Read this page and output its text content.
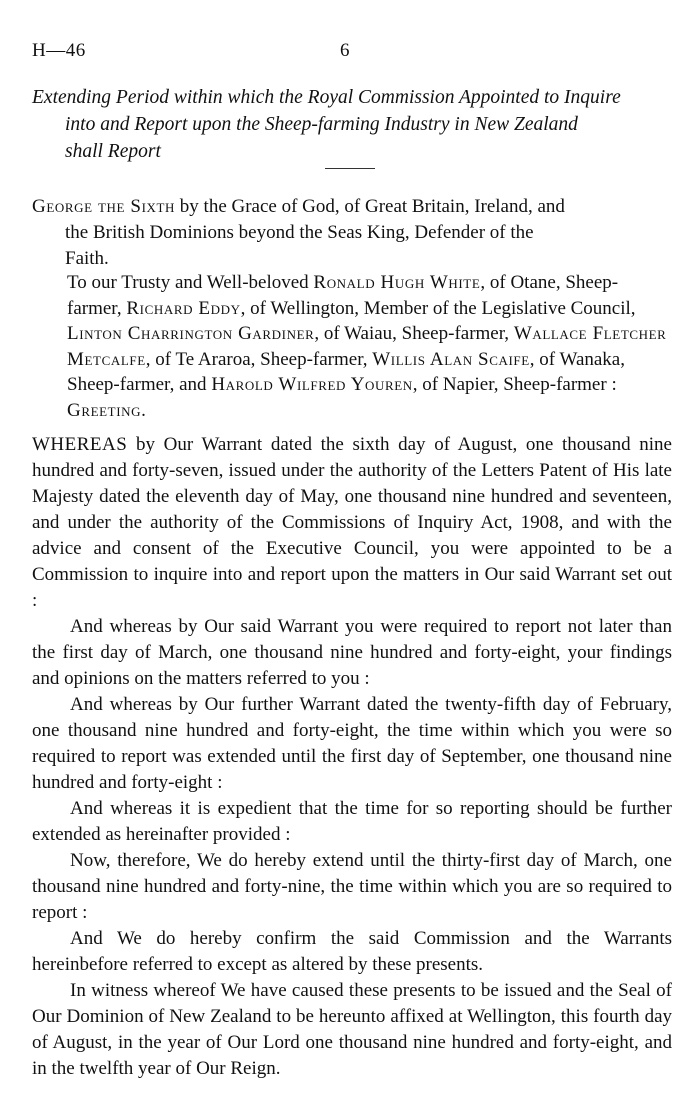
H—46	6
Extending Period within which the Royal Commission Appointed to Inquire
into and Report upon the Sheep-farming Industry in New Zealand
shall Report
George the Sixth by the Grace of God, of Great Britain, Ireland, and
the British Dominions beyond the Seas King, Defender of the
Faith.
To our Trusty and Well-beloved Ronald Hugh White, of Otane, Sheep-farmer, Richard Eddy, of Wellington, Member of the Legislative Council, Linton Charrington Gardiner, of Waiau, Sheep-farmer, Wallace Fletcher Metcalfe, of Te Araroa, Sheep-farmer, Willis Alan Scaife, of Wanaka, Sheep-farmer, and Harold Wilfred Youren, of Napier, Sheep-farmer : Greeting.

WHEREAS by Our Warrant dated the sixth day of August, one thousand nine hundred and forty-seven, issued under the authority of the Letters Patent of His late Majesty dated the eleventh day of May, one thousand nine hundred and seventeen, and under the authority of the Commissions of Inquiry Act, 1908, and with the advice and consent of the Executive Council, you were appointed to be a Commission to inquire into and report upon the matters in Our said Warrant set out :

And whereas by Our said Warrant you were required to report not later than the first day of March, one thousand nine hundred and forty-eight, your findings and opinions on the matters referred to you :

And whereas by Our further Warrant dated the twenty-fifth day of February, one thousand nine hundred and forty-eight, the time within which you were so required to report was extended until the first day of September, one thousand nine hundred and forty-eight :

And whereas it is expedient that the time for so reporting should be further extended as hereinafter provided :

Now, therefore, We do hereby extend until the thirty-first day of March, one thousand nine hundred and forty-nine, the time within which you are so required to report :

And We do hereby confirm the said Commission and the Warrants hereinbefore referred to except as altered by these presents.

In witness whereof We have caused these presents to be issued and the Seal of Our Dominion of New Zealand to be hereunto affixed at Wellington, this fourth day of August, in the year of Our Lord one thousand nine hundred and forty-eight, and in the twelfth year of Our Reign.
